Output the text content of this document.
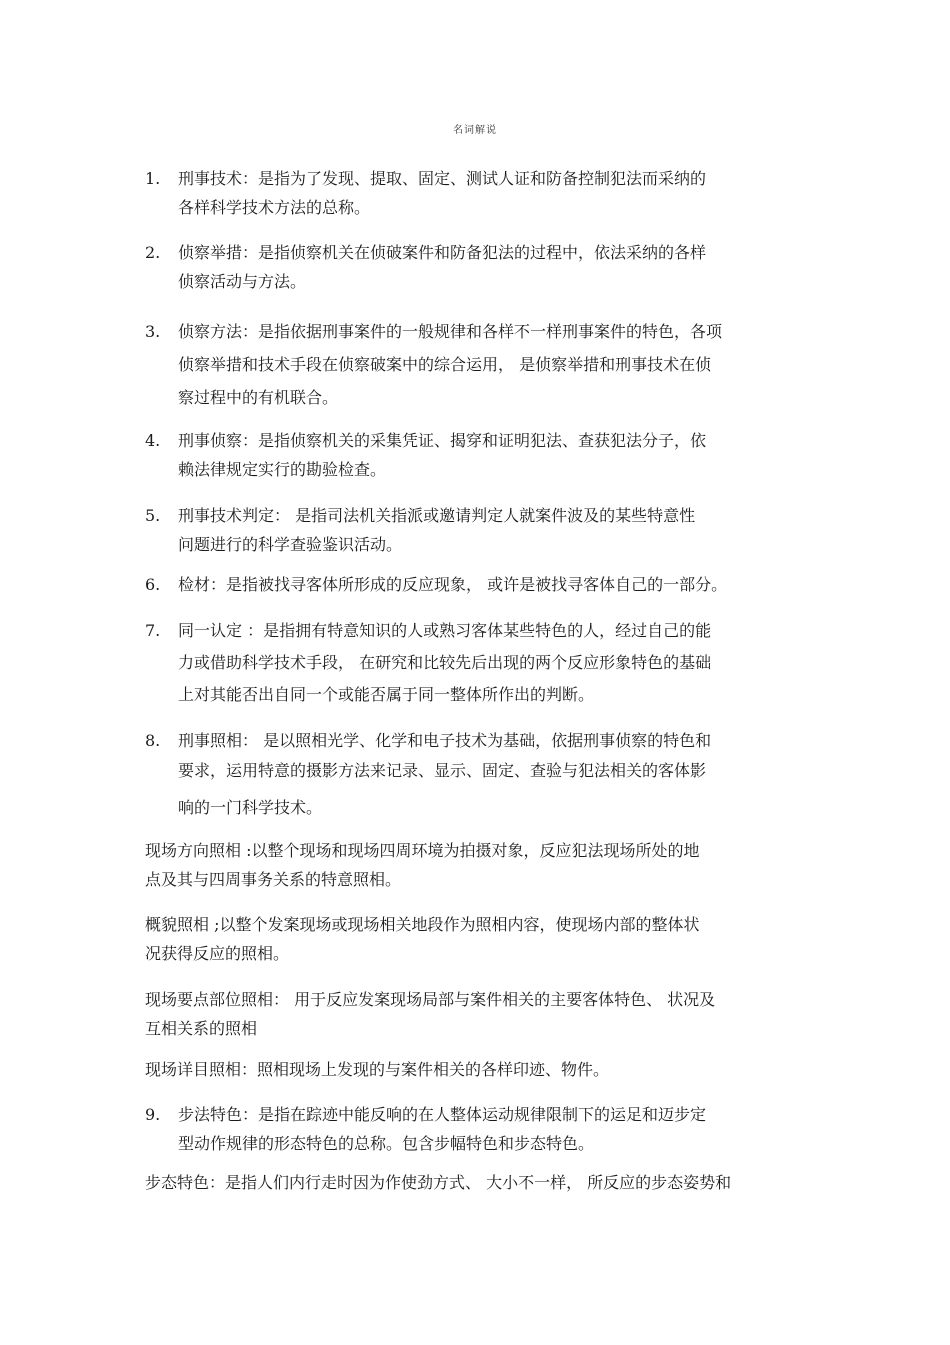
名词解说
1.	刑事技术：是指为了发现、提取、固定、测试人证和防备控制犯法而采纳的
各样科学技术方法的总称。
2.	侦察举措：是指侦察机关在侦破案件和防备犯法的过程中，依法采纳的各样
侦察活动与方法。
3.	侦察方法：是指依据刑事案件的一般规律和各样不一样刑事案件的特色，各项
侦察举措和技术手段在侦察破案中的综合运用， 是侦察举措和刑事技术在侦
察过程中的有机联合。
4.	刑事侦察：是指侦察机关的采集凭证、揭穿和证明犯法、查获犯法分子，依
赖法律规定实行的勘验检查。
5.	刑事技术判定： 是指司法机关指派或邀请判定人就案件波及的某些特意性
问题进行的科学查验鉴识活动。
6.	检材：是指被找寻客体所形成的反应现象， 或许是被找寻客体自己的一部分。
7.	同一认定 ：是指拥有特意知识的人或熟习客体某些特色的人，经过自己的能
力或借助科学技术手段， 在研究和比较先后出现的两个反应形象特色的基础
上对其能否出自同一个或能否属于同一整体所作出的判断。
8.	刑事照相： 是以照相光学、化学和电子技术为基础，依据刑事侦察的特色和
要求，运用特意的摄影方法来记录、显示、固定、查验与犯法相关的客体影
响的一门科学技术。
现场方向照相 :以整个现场和现场四周环境为拍摄对象，反应犯法现场所处的地
点及其与四周事务关系的特意照相。
概貌照相 ;以整个发案现场或现场相关地段作为照相内容，使现场内部的整体状
况获得反应的照相。
现场要点部位照相： 用于反应发案现场局部与案件相关的主要客体特色、 状况及
互相关系的照相
现场详目照相：照相现场上发现的与案件相关的各样印迹、物件。
9.	步法特色：是指在踪迹中能反响的在人整体运动规律限制下的运足和迈步定
型动作规律的形态特色的总称。包含步幅特色和步态特色。
步态特色：是指人们内行走时因为作使劲方式、 大小不一样， 所反应的步态姿势和
